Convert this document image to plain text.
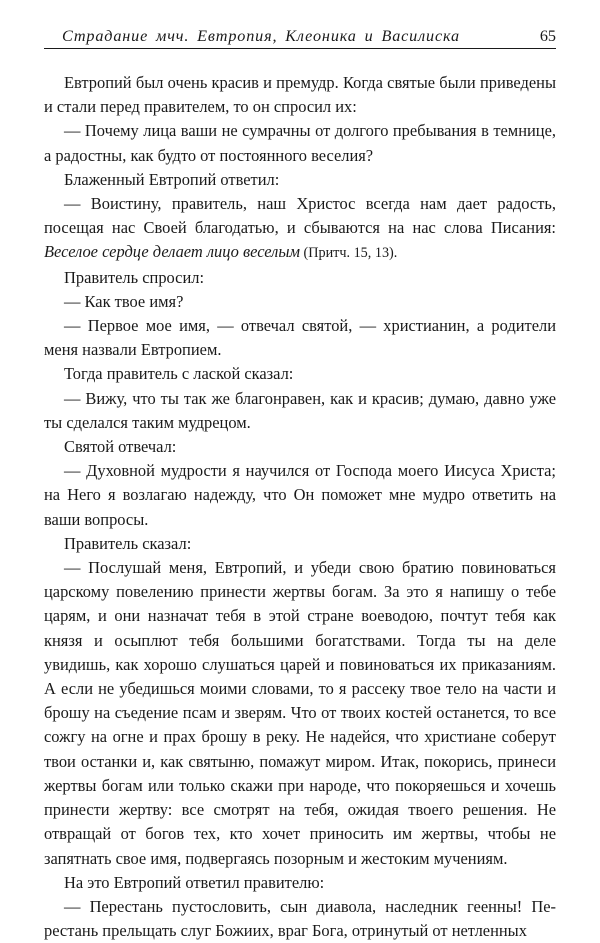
Страдание мчч. Евтропия, Клеоника и Василиска	65

Евтропий был очень красив и премудр. Когда святые были приведены и стали перед правителем, то он спросил их:

— Почему лица ваши не сумрачны от долгого пребывания в темнице, а радостны, как будто от постоянного веселия?

Блаженный Евтропий ответил:

— Воистину, правитель, наш Христос всегда нам дает радость, посещая нас Своей благодатью, и сбываются на нас слова Писания: Веселое сердце делает лицо веселым (Притч. 15, 13).

Правитель спросил:

— Как твое имя?

— Первое мое имя, — отвечал святой, — христианин, а родители меня назвали Евтропием.

Тогда правитель с лаской сказал:

— Вижу, что ты так же благонравен, как и красив; думаю, давно уже ты сделался таким мудрецом.

Святой отвечал:

— Духовной мудрости я научился от Господа моего Иисуса Христа; на Него я возлагаю надежду, что Он поможет мне мудро ответить на ваши вопросы.

Правитель сказал:

— Послушай меня, Евтропий, и убеди свою братию повиноваться царскому повелению принести жертвы богам. За это я напишу о тебе царям, и они назначат тебя в этой стране воеводою, почтут тебя как князя и осыплют тебя большими богатствами. Тогда ты на деле увидишь, как хорошо слушаться царей и повиноваться их приказаниям. А если не убедишься моими словами, то я рассеку твое тело на части и брошу на съедение псам и зверям. Что от твоих костей останется, то все сожгу на огне и прах брошу в реку. Не надейся, что христиане соберут твои останки и, как святыню, помажут миром. Итак, покорись, принеси жертвы богам или только скажи при народе, что покоряешься и хочешь принести жертву: все смотрят на тебя, ожидая твоего решения. Не отвращай от богов тех, кто хочет приносить им жертвы, чтобы не запятнать свое имя, подвергаясь позорным и жестоким мучениям.

На это Евтропий ответил правителю:

— Перестань пустословить, сын диавола, наследник геенны! Перестань прельщать слуг Божиих, враг Бога, отринутый от нетленных
